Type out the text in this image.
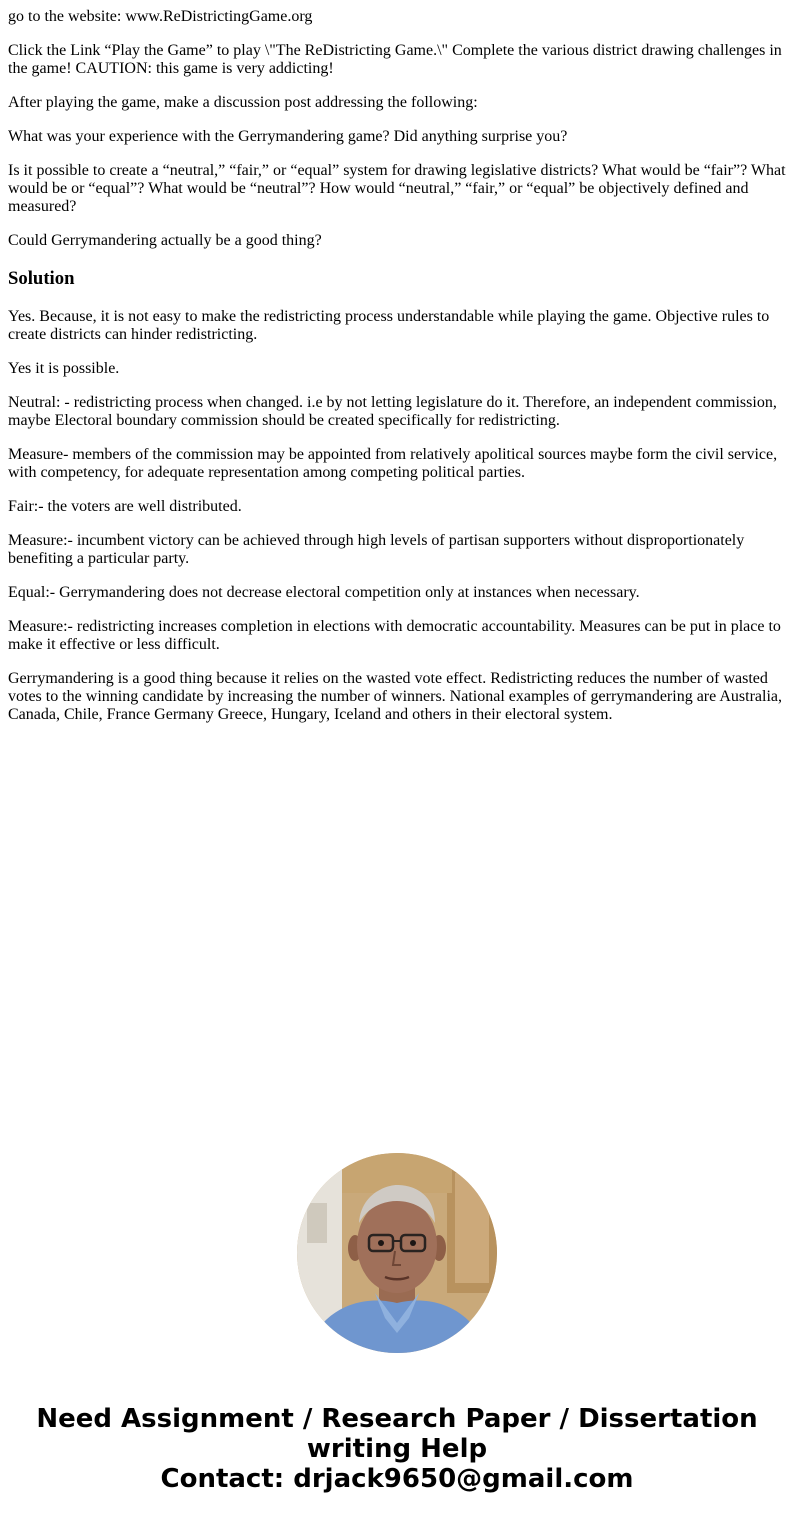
go to the website: www.ReDistrictingGame.org

Click the Link “Play the Game” to play \"The ReDistricting Game.\" Complete the various district drawing challenges in the game! CAUTION: this game is very addicting!

After playing the game, make a discussion post addressing the following:

What was your experience with the Gerrymandering game? Did anything surprise you?

Is it possible to create a “neutral,” “fair,” or “equal” system for drawing legislative districts? What would be “fair”? What would be or “equal”? What would be “neutral”? How would “neutral,” “fair,” or “equal” be objectively defined and measured?

Could Gerrymandering actually be a good thing?

Solution

Yes. Because, it is not easy to make the redistricting process understandable while playing the game. Objective rules to create districts can hinder redistricting.

Yes it is possible.

Neutral: - redistricting process when changed. i.e by not letting legislature do it. Therefore, an independent commission, maybe Electoral boundary commission should be created specifically for redistricting.

Measure- members of the commission may be appointed from relatively apolitical sources maybe form the civil service, with competency, for adequate representation among competing political parties.

Fair:- the voters are well distributed.

Measure:- incumbent victory can be achieved through high levels of partisan supporters without disproportionately benefiting a particular party.

Equal:- Gerrymandering does not decrease electoral competition only at instances when necessary.

Measure:- redistricting increases completion in elections with democratic accountability. Measures can be put in place to make it effective or less difficult.

Gerrymandering is a good thing because it relies on the wasted vote effect. Redistricting reduces the number of wasted votes to the winning candidate by increasing the number of winners. National examples of gerrymandering are Australia, Canada, Chile, France Germany Greece, Hungary, Iceland and others in their electoral system.

Need Assignment / Research Paper / Dissertation
writing Help
Contact: drjack9650@gmail.com
